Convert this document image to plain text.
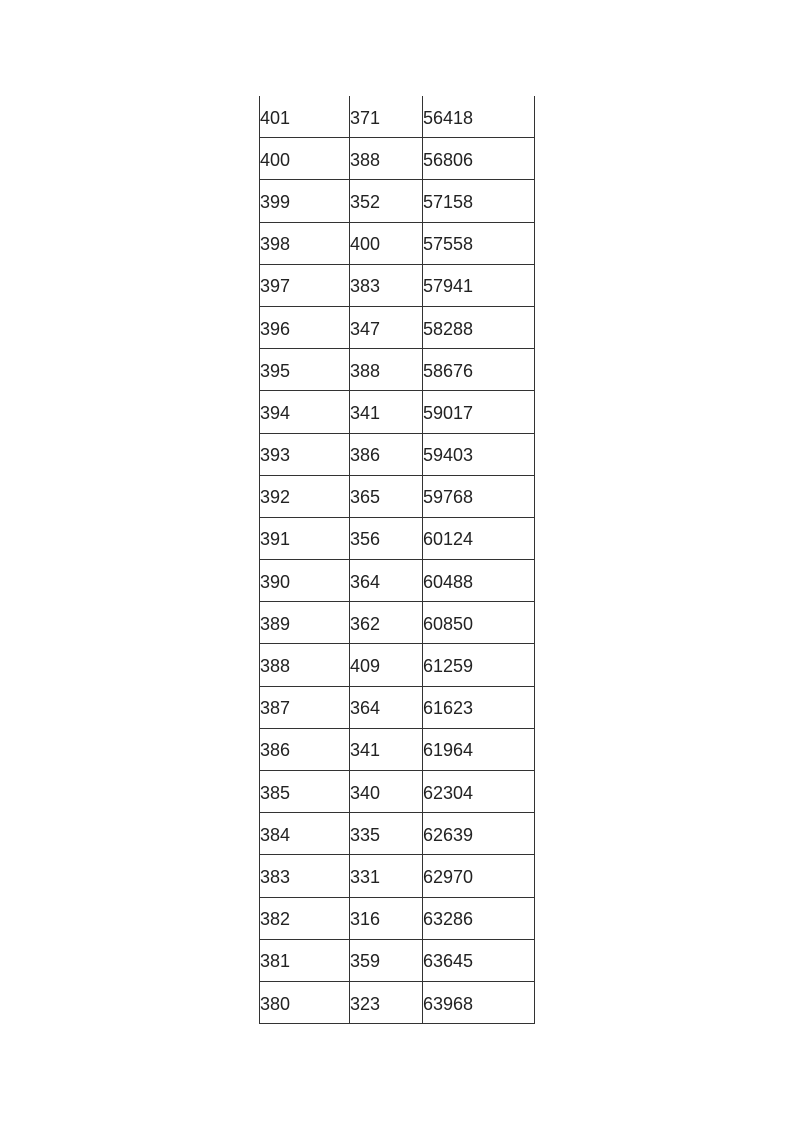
401	371	56418
400	388	56806
399	352	57158
398	400	57558
397	383	57941
396	347	58288
395	388	58676
394	341	59017
393	386	59403
392	365	59768
391	356	60124
390	364	60488
389	362	60850
388	409	61259
387	364	61623
386	341	61964
385	340	62304
384	335	62639
383	331	62970
382	316	63286
381	359	63645
380	323	63968
